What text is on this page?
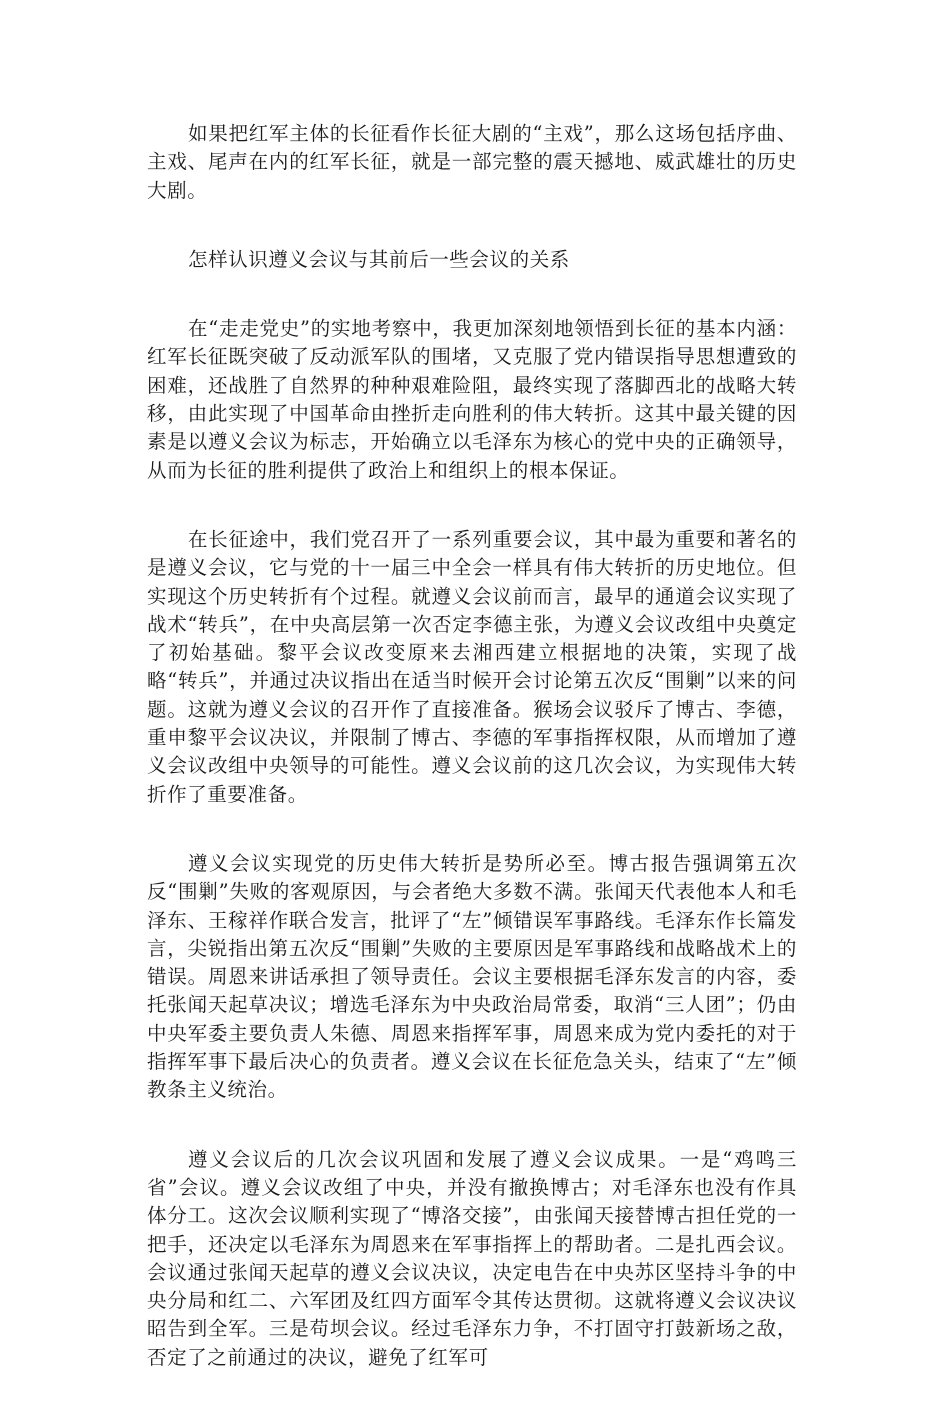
如果把红军主体的长征看作长征大剧的“主戏”，那么这场包括序曲、主戏、尾声在内的红军长征，就是一部完整的震天撼地、威武雄壮的历史大剧。

怎样认识遵义会议与其前后一些会议的关系

在“走走党史”的实地考察中，我更加深刻地领悟到长征的基本内涵：红军长征既突破了反动派军队的围堵，又克服了党内错误指导思想遭致的困难，还战胜了自然界的种种艰难险阻，最终实现了落脚西北的战略大转移，由此实现了中国革命由挫折走向胜利的伟大转折。这其中最关键的因素是以遵义会议为标志，开始确立以毛泽东为核心的党中央的正确领导，从而为长征的胜利提供了政治上和组织上的根本保证。

在长征途中，我们党召开了一系列重要会议，其中最为重要和著名的是遵义会议，它与党的十一届三中全会一样具有伟大转折的历史地位。但实现这个历史转折有个过程。就遵义会议前而言，最早的通道会议实现了战术“转兵”，在中央高层第一次否定李德主张，为遵义会议改组中央奠定了初始基础。黎平会议改变原来去湘西建立根据地的决策，实现了战略“转兵”，并通过决议指出在适当时候开会讨论第五次反“围剿”以来的问题。这就为遵义会议的召开作了直接准备。猴场会议驳斥了博古、李德，重申黎平会议决议，并限制了博古、李德的军事指挥权限，从而增加了遵义会议改组中央领导的可能性。遵义会议前的这几次会议，为实现伟大转折作了重要准备。

遵义会议实现党的历史伟大转折是势所必至。博古报告强调第五次反“围剿”失败的客观原因，与会者绝大多数不满。张闻天代表他本人和毛泽东、王稼祥作联合发言，批评了“左”倾错误军事路线。毛泽东作长篇发言，尖锐指出第五次反“围剿”失败的主要原因是军事路线和战略战术上的错误。周恩来讲话承担了领导责任。会议主要根据毛泽东发言的内容，委托张闻天起草决议；增选毛泽东为中央政治局常委，取消“三人团”；仍由中央军委主要负责人朱德、周恩来指挥军事，周恩来成为党内委托的对于指挥军事下最后决心的负责者。遵义会议在长征危急关头，结束了“左”倾教条主义统治。

遵义会议后的几次会议巩固和发展了遵义会议成果。一是“鸡鸣三省”会议。遵义会议改组了中央，并没有撤换博古；对毛泽东也没有作具体分工。这次会议顺利实现了“博洛交接”，由张闻天接替博古担任党的一把手，还决定以毛泽东为周恩来在军事指挥上的帮助者。二是扎西会议。会议通过张闻天起草的遵义会议决议，决定电告在中央苏区坚持斗争的中央分局和红二、六军团及红四方面军令其传达贯彻。这就将遵义会议决议昭告到全军。三是苟坝会议。经过毛泽东力争，不打固守打鼓新场之敌，否定了之前通过的决议，避免了红军可
